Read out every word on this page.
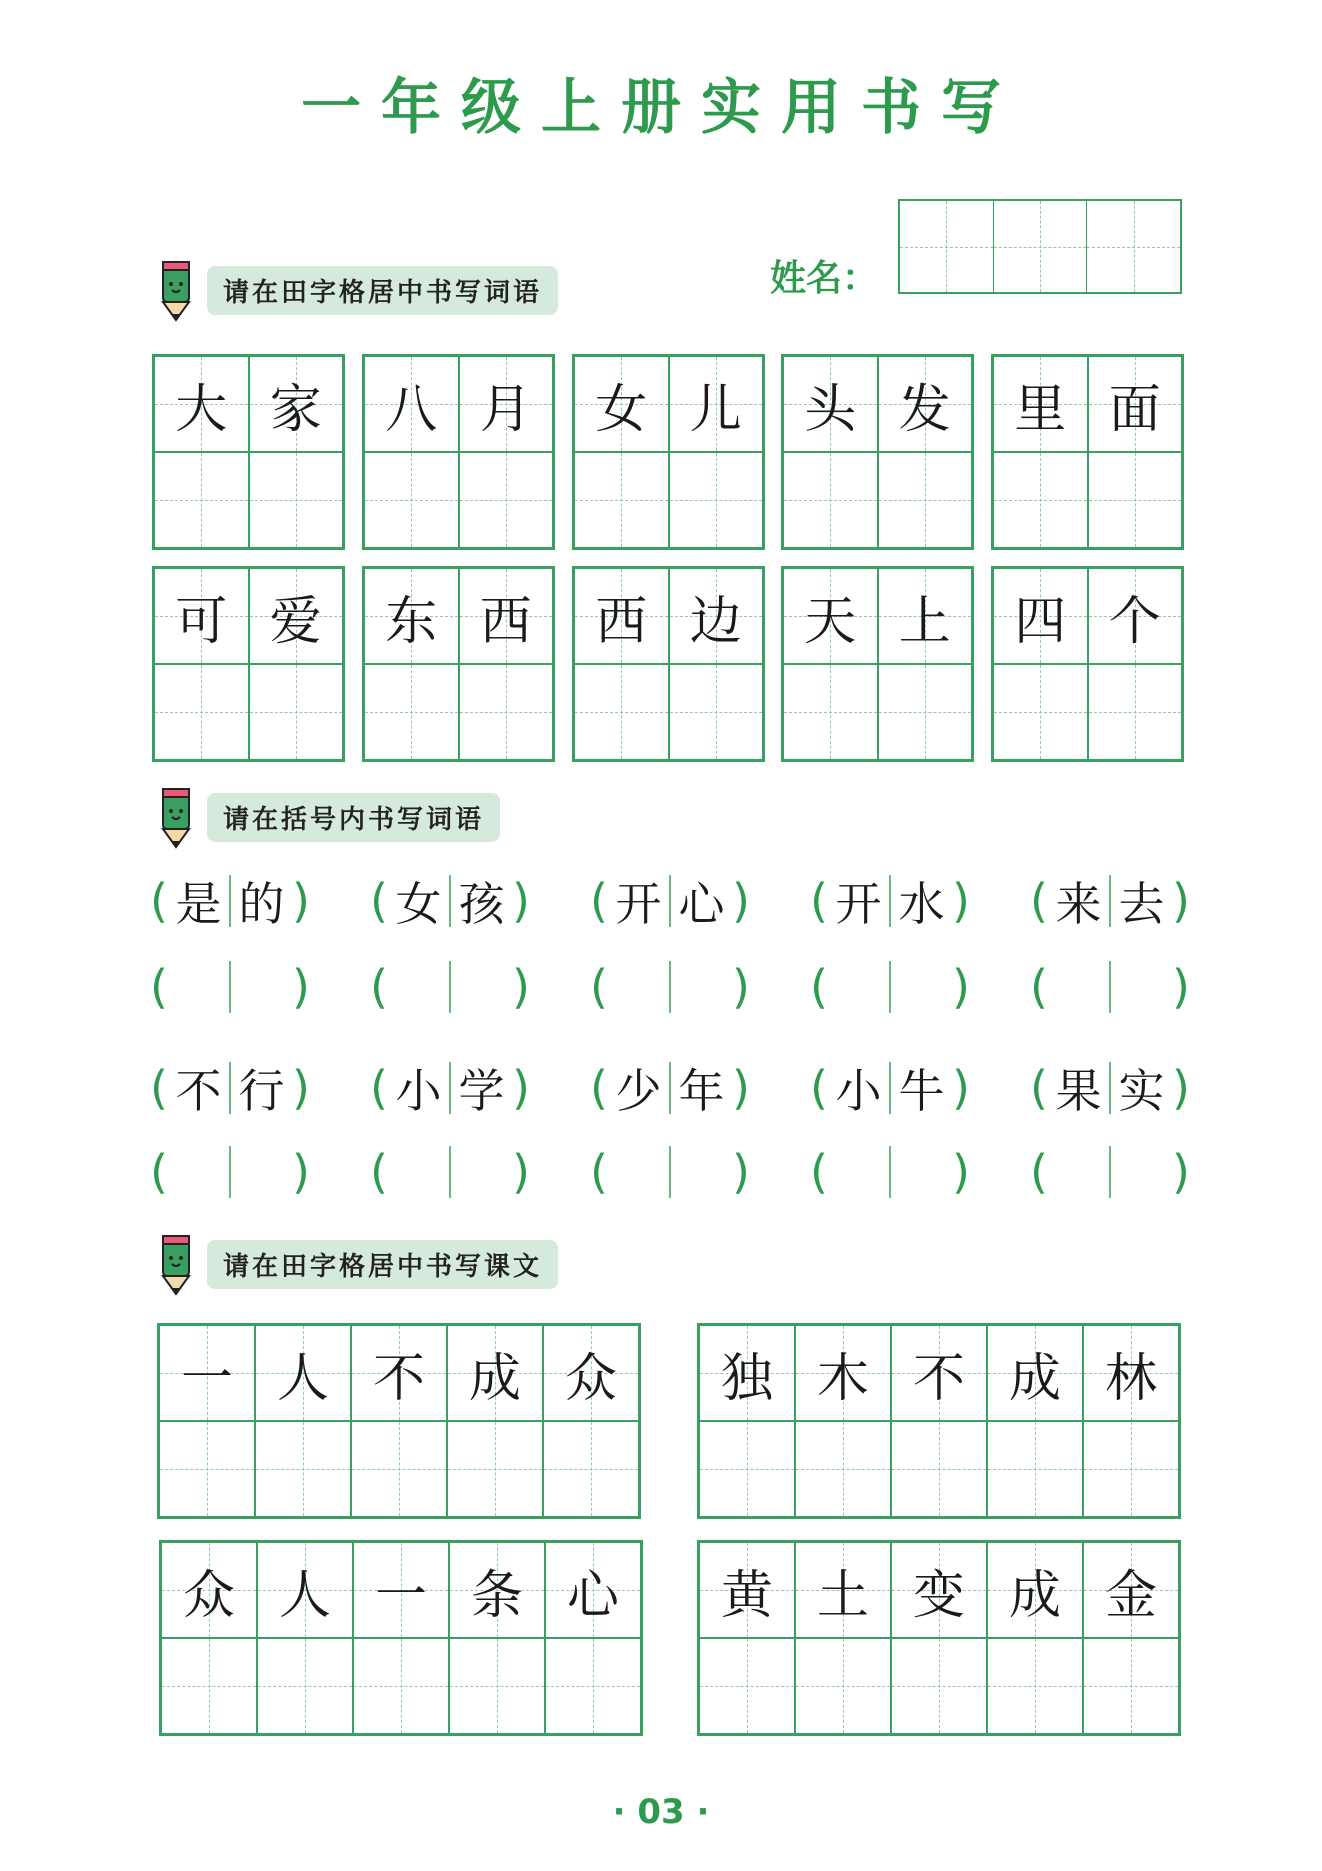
一年级上册实用书写
姓名：
请在田字格居中书写词语
大 家	八 月	女 儿	头 发	里 面
可 爱	东 西	西 边	天 上	四 个
请在括号内书写词语
( 是 的 ) ( 女 孩 ) ( 开 心 ) ( 开 水 ) ( 来 去 )
(	) (	) (	) (	) (	)
( 不 行 ) ( 小 学 ) ( 少 年 ) ( 小 牛 ) ( 果 实 )
(	) (	) (	) (	) (	)
请在田字格居中书写课文
一 人 不 成 众	独 木 不 成 林
众 人 一 条 心	黄 土 变 成 金
· 03 ·
